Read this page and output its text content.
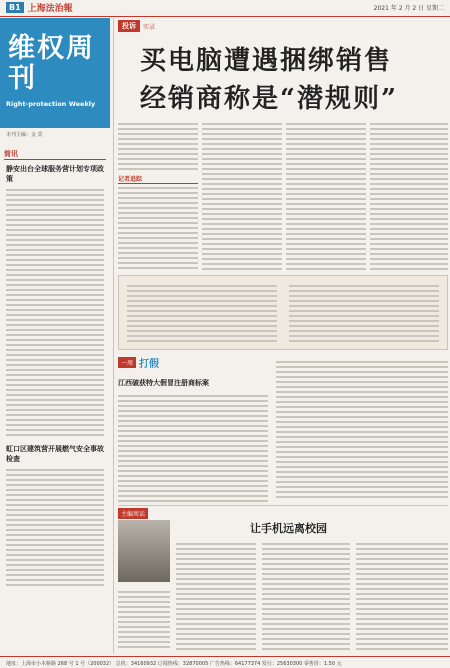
B1 上海法治報	2021 年 2 月 2 日 星期二
维权周刊
Right-protection Weekly
本刊主编：金 莫
简讯
静安出台全球服务营计划专项政策
虹口区建筑营开展燃气安全事故检查
投诉	实录
买电脑遭遇捆绑销售
经销商称是“潜规则”
记者追踪
一周 打假
江西破获特大假冒注册商标案
主编周话
让手机远离校园
地址：上海市小木桥路 268 号 1 号（200032） 总机：34160932 订阅热线：32870005 广告热线：64177374 发行：25630300 零售价：1.50 元
